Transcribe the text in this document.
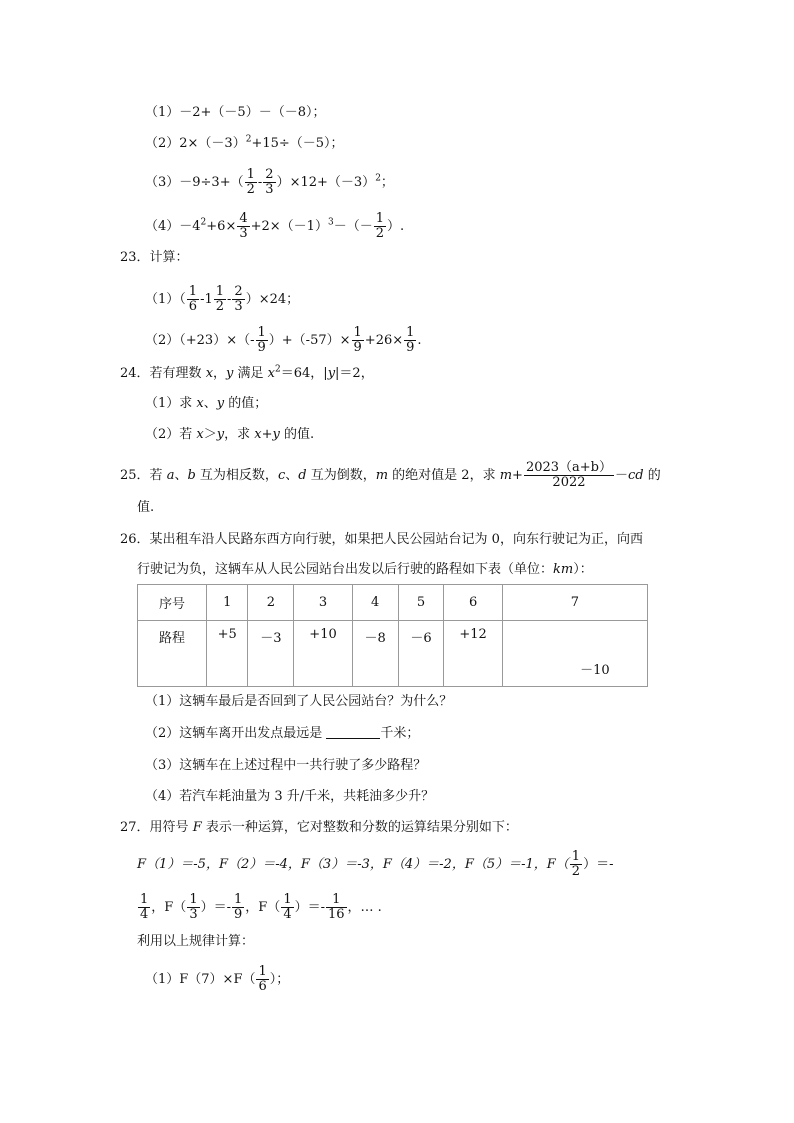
（1）－2+（－5）－（－8）；
$(2)2\times(-3)^2+15\div(-5)$；
$(3)-9\div 3+( \frac{1}{2} - \frac{2}{3} )\times 12+(-3)^2$；
$(4)-4^2+6\times \frac{4}{3} +2\times(-1)^3-(- \frac{1}{2}$ ）.
23．计算：
$(1)( \frac{1}{6} -1 \frac{1}{2} - \frac{2}{3} )\times 24$；
$(2)(+23)\times(- \frac{1}{9} )+(-57)\times \frac{1}{9} +26\times \frac{1}{9}$ .
24．若有理数 x，y 满足 $x^2=64$，|y|＝2，
（1）求 x、y 的值；
（2）若 x＞y，求 x+y 的值.
25．若 a、b 互为相反数，c、d 互为倒数，m 的绝对值是 2，求 $m+ \frac{2023(a+b)}{2022} -cd$ 的
值.
26．某出租车沿人民路东西方向行驶，如果把人民公园站台记为 0，向东行驶记为正，向西
行驶记为负，这辆车从人民公园站台出发以后行驶的路程如下表（单位：km）：
序号	1	2	3	4	5	6	7
路程	+5	－3	+10	－8	－6	+12	－10
（1）这辆车最后是否回到了人民公园站台？为什么？
（2）这辆车离开出发点最远是	千米；
（3）这辆车在上述过程中一共行驶了多少路程？
（4）若汽车耗油量为 3 升/千米，共耗油多少升？
27．用符号 F 表示一种运算，它对整数和分数的运算结果分别如下：
F（1）＝-5，F（2）＝-4，F（3）＝-3，F（4）＝-2，F（5）＝-1，$F( \frac{1}{2}$ ）＝-
$\frac{1}{4}$ ，$F( \frac{1}{3}$ ）＝- $\frac{1}{9}$ ，$F( \frac{1}{4}$ ）＝- $\frac{1}{16}$ ，… .
利用以上规律计算：
$(1)F(7)\times F( \frac{1}{6}$ ）；
